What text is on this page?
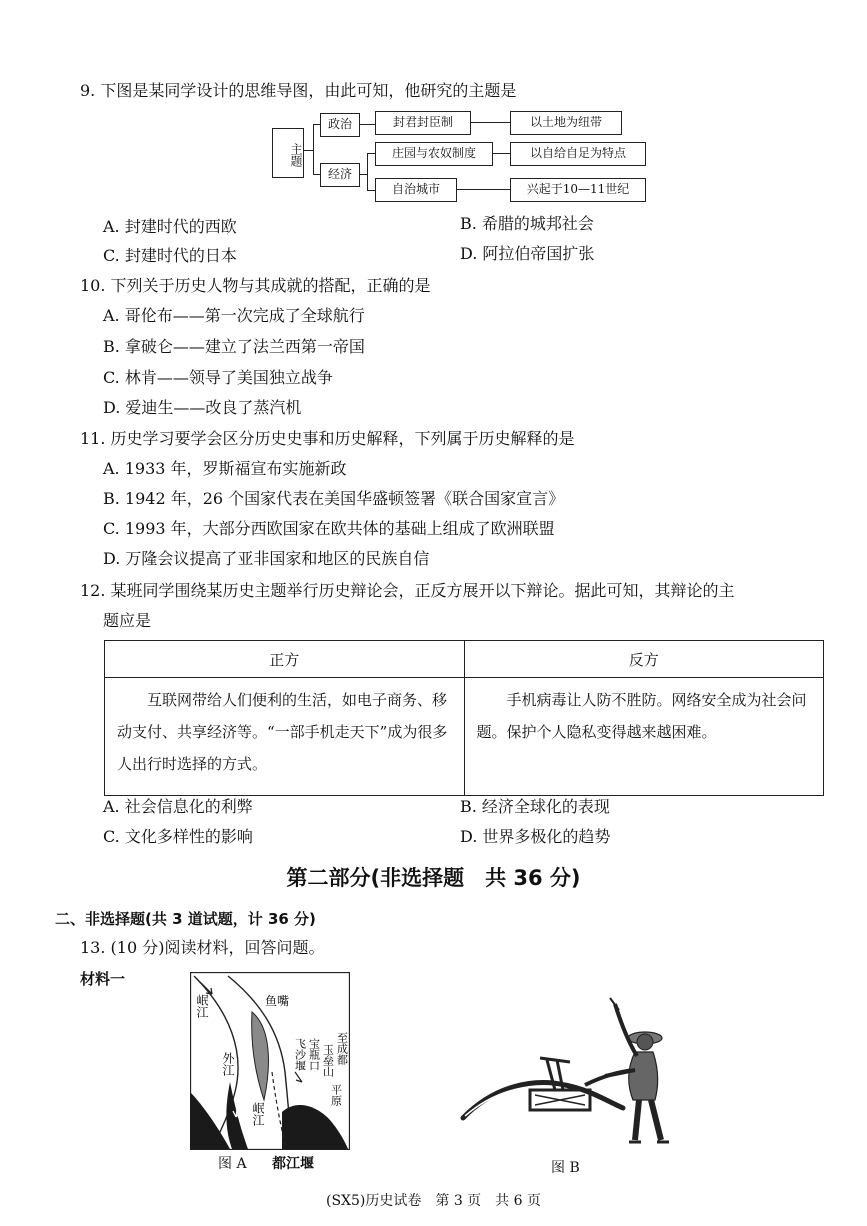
9. 下图是某同学设计的思维导图，由此可知，他研究的主题是
主题
政治
经济
封君封臣制	以土地为纽带
庄园与农奴制度	以自给自足为特点
自治城市	兴起于10—11世纪
A. 封建时代的西欧	B. 希腊的城邦社会
C. 封建时代的日本	D. 阿拉伯帝国扩张
10. 下列关于历史人物与其成就的搭配，正确的是
A. 哥伦布——第一次完成了全球航行
B. 拿破仑——建立了法兰西第一帝国
C. 林肯——领导了美国独立战争
D. 爱迪生——改良了蒸汽机
11. 历史学习要学会区分历史史事和历史解释，下列属于历史解释的是
A. 1933 年，罗斯福宣布实施新政
B. 1942 年，26 个国家代表在美国华盛顿签署《联合国家宣言》
C. 1993 年，大部分西欧国家在欧共体的基础上组成了欧洲联盟
D. 万隆会议提高了亚非国家和地区的民族自信
12. 某班同学围绕某历史主题举行历史辩论会，正反方展开以下辩论。据此可知，其辩论的主
题应是
正方	反方

互联网带给人们便利的生活，如电子商务、移动支付、共享经济等。“一部手机走天下”成为很多人出行时选择的方式。	手机病毒让人防不胜防。网络安全成为社会问题。保护个人隐私变得越来越困难。
A. 社会信息化的利弊	B. 经济全球化的表现
C. 文化多样性的影响	D. 世界多极化的趋势
第二部分(非选择题　共 36 分)
二、非选择题(共 3 道试题，计 36 分)
13. (10 分)阅读材料，回答问题。
材料一
岷江	鱼嘴
外江	飞沙堰 宝瓶口 玉垒山 至成都
平原
岷江
图 A 都江堰	图 B
(SX5)历史试卷　第 3 页　共 6 页
